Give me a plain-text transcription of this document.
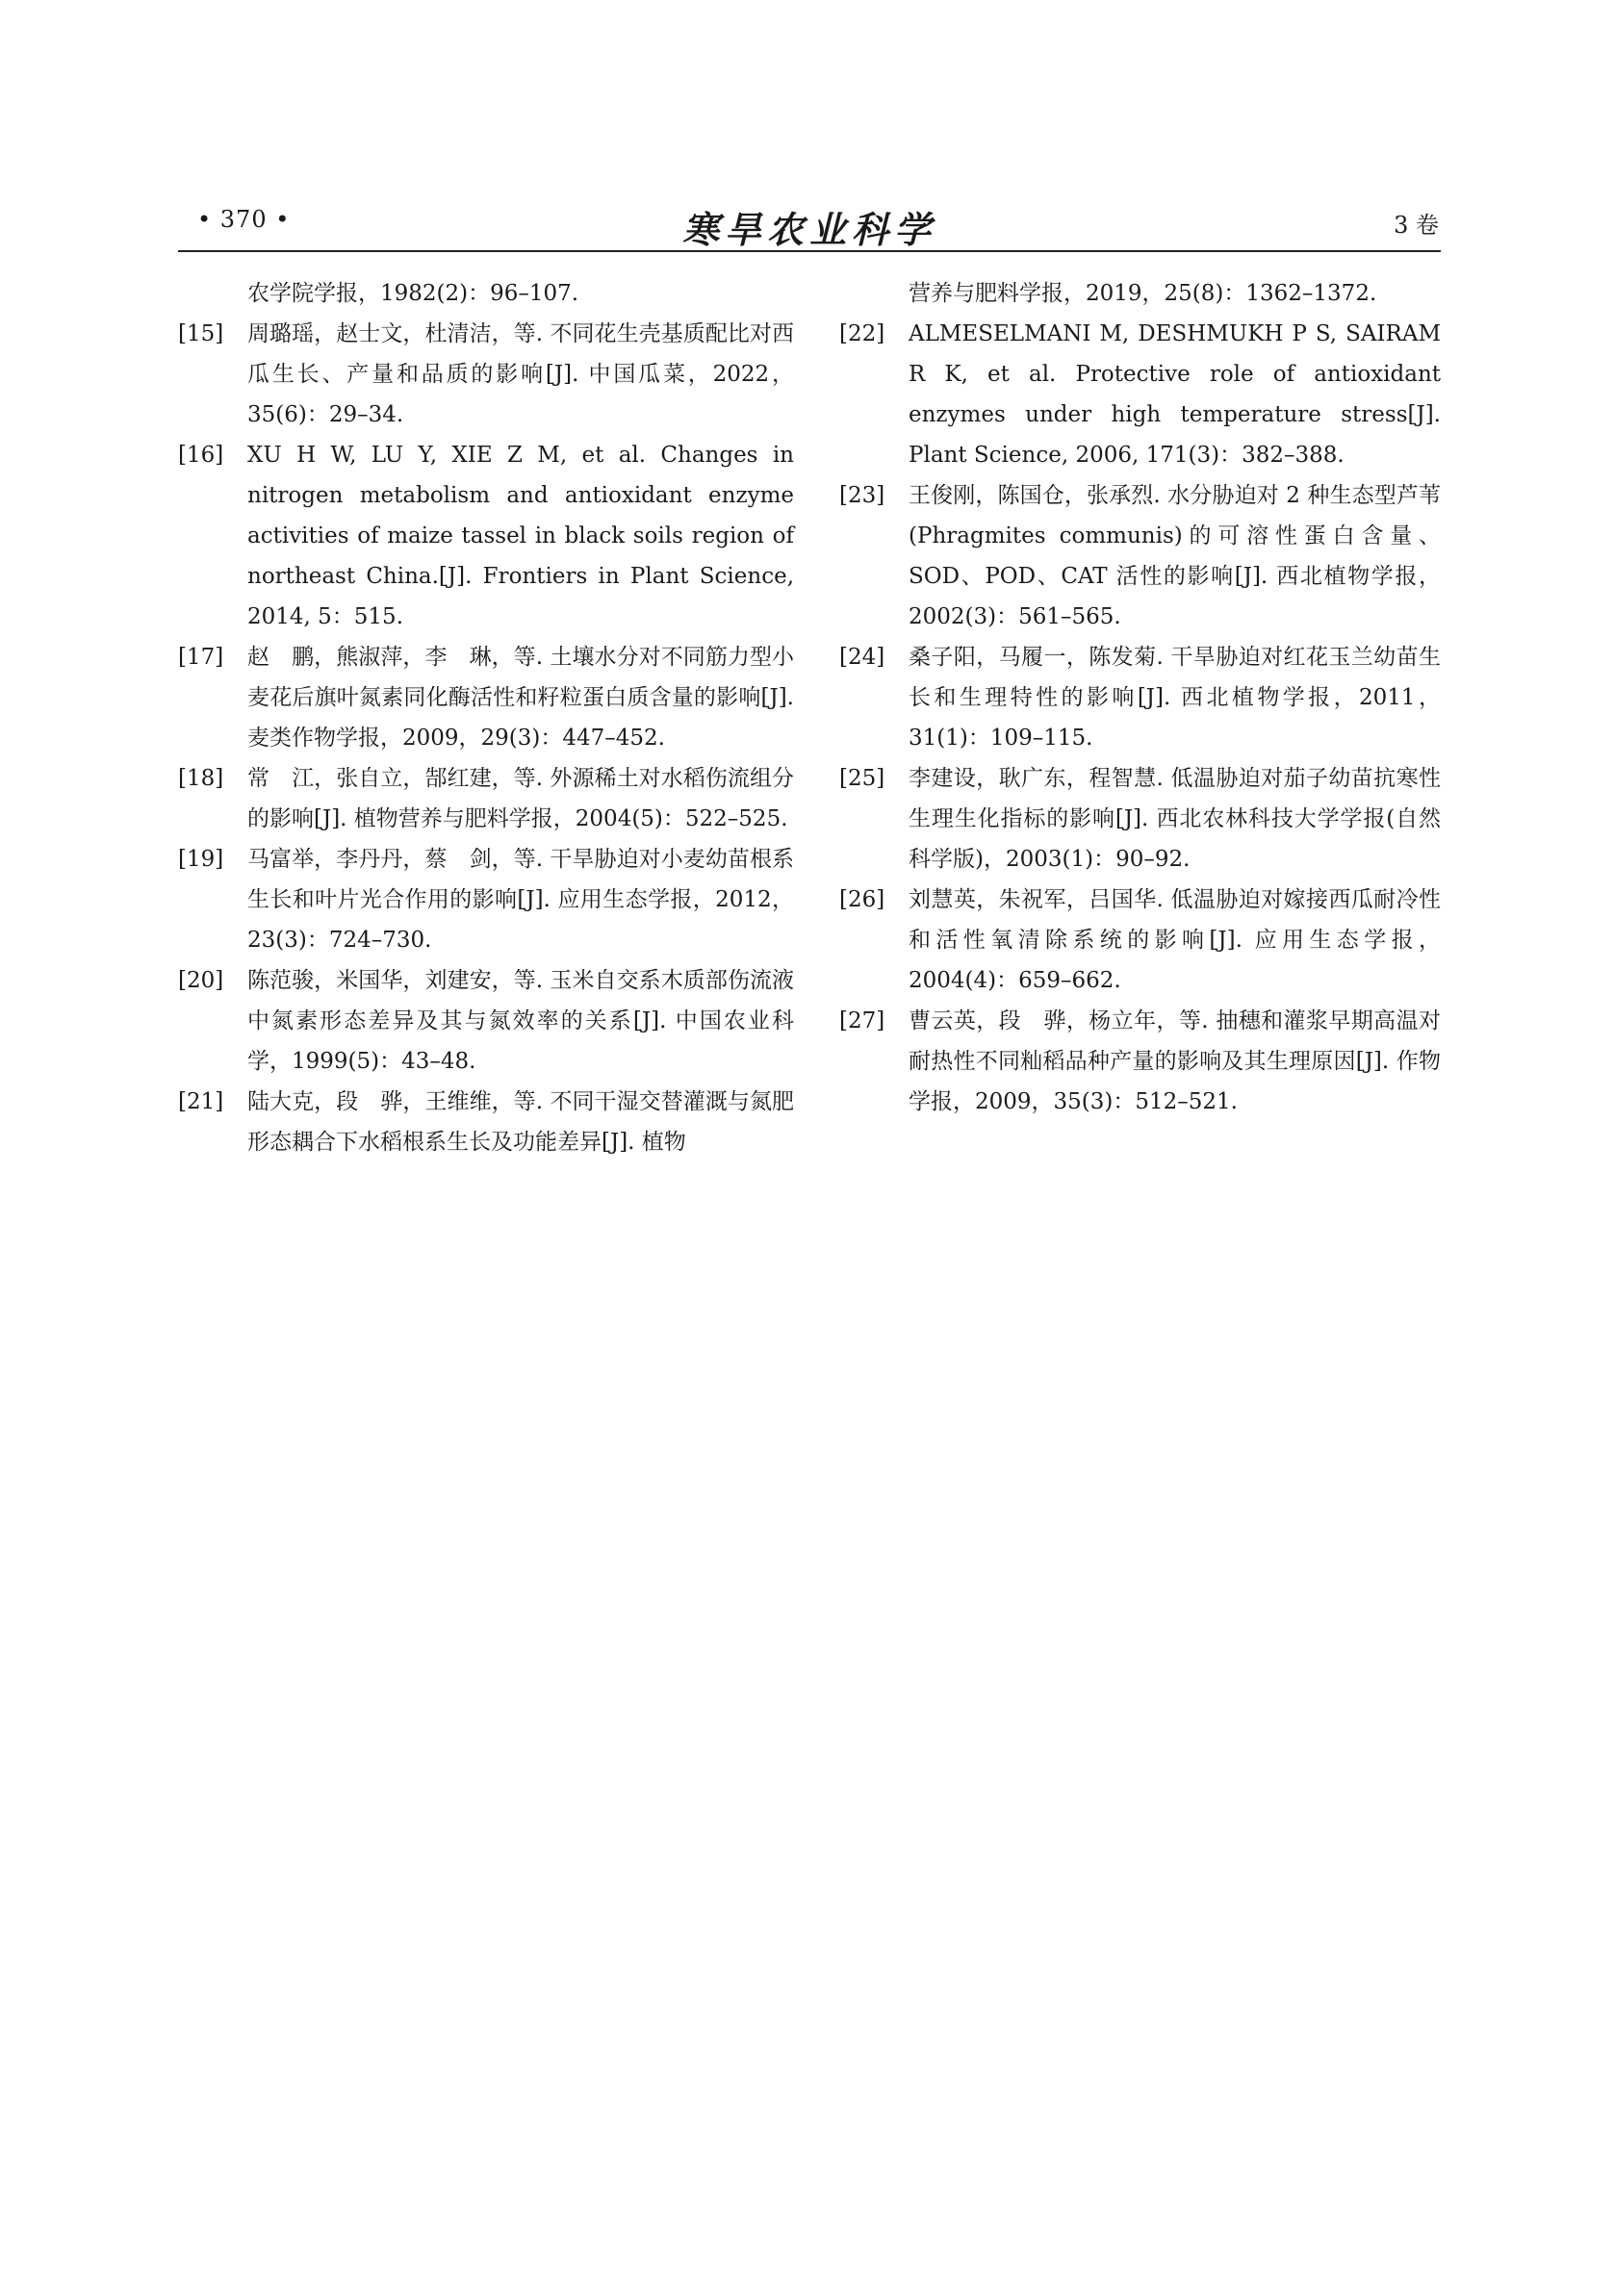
• 370 •	寒旱农业科学	3 卷
农学院学报，1982(2)：96–107.
[15] 周璐瑶，赵士文，杜清洁，等. 不同花生壳基质配比对西瓜生长、产量和品质的影响[J]. 中国瓜菜，2022，35(6)：29–34.
[16] XU H W, LU Y, XIE Z M, et al. Changes in nitrogen metabolism and antioxidant enzyme activities of maize tassel in black soils region of northeast China.[J]. Frontiers in Plant Science, 2014, 5：515.
[17] 赵　鹏，熊淑萍，李　琳，等. 土壤水分对不同筋力型小麦花后旗叶氮素同化酶活性和籽粒蛋白质含量的影响[J]. 麦类作物学报，2009，29(3)：447–452.
[18] 常　江，张自立，郜红建，等. 外源稀土对水稻伤流组分的影响[J]. 植物营养与肥料学报，2004(5)：522–525.
[19] 马富举，李丹丹，蔡　剑，等. 干旱胁迫对小麦幼苗根系生长和叶片光合作用的影响[J]. 应用生态学报，2012，23(3)：724–730.
[20] 陈范骏，米国华，刘建安，等. 玉米自交系木质部伤流液中氮素形态差异及其与氮效率的关系[J]. 中国农业科学，1999(5)：43–48.
[21] 陆大克，段　骅，王维维，等. 不同干湿交替灌溉与氮肥形态耦合下水稻根系生长及功能差异[J]. 植物
营养与肥料学报，2019，25(8)：1362–1372.
[22] ALMESELMANI M, DESHMUKH P S, SAIRAM R K, et al. Protective role of antioxidant enzymes under high temperature stress[J]. Plant Science, 2006, 171(3)：382–388.
[23] 王俊刚，陈国仓，张承烈. 水分胁迫对 2 种生态型芦苇(Phragmites communis)的可溶性蛋白含量、SOD、POD、CAT 活性的影响[J]. 西北植物学报，2002(3)：561–565.
[24] 桑子阳，马履一，陈发菊. 干旱胁迫对红花玉兰幼苗生长和生理特性的影响[J]. 西北植物学报，2011，31(1)：109–115.
[25] 李建设，耿广东，程智慧. 低温胁迫对茄子幼苗抗寒性生理生化指标的影响[J]. 西北农林科技大学学报(自然科学版)，2003(1)：90–92.
[26] 刘慧英，朱祝军，吕国华. 低温胁迫对嫁接西瓜耐冷性和活性氧清除系统的影响[J]. 应用生态学报，2004(4)：659–662.
[27] 曹云英，段　骅，杨立年，等. 抽穗和灌浆早期高温对耐热性不同籼稻品种产量的影响及其生理原因[J]. 作物学报，2009，35(3)：512–521.
